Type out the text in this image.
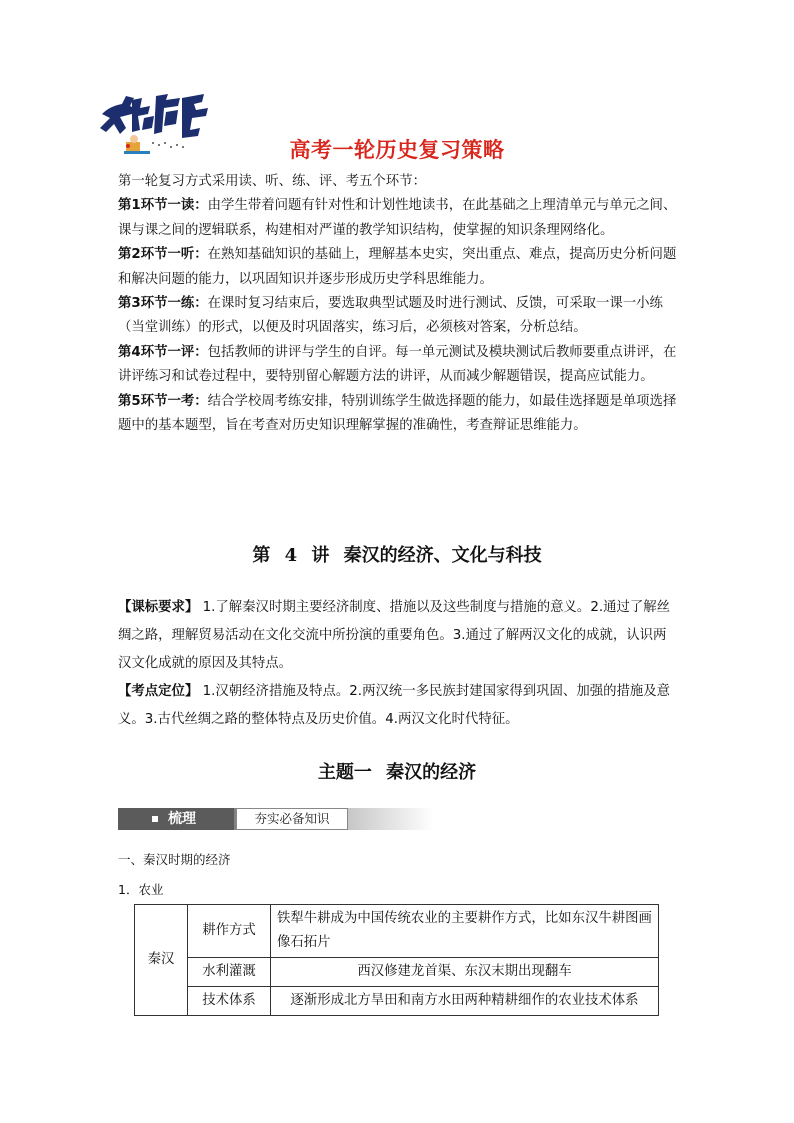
高考一轮历史复习策略

第一轮复习方式采用读、听、练、评、考五个环节：

第1环节一读：由学生带着问题有针对性和计划性地读书，在此基础之上理清单元与单元之间、课与课之间的逻辑联系，构建相对严谨的教学知识结构，使掌握的知识条理网络化。

第2环节一听：在熟知基础知识的基础上，理解基本史实，突出重点、难点，提高历史分析问题和解决问题的能力，以巩固知识并逐步形成历史学科思维能力。

第3环节一练：在课时复习结束后，要选取典型试题及时进行测试、反馈，可采取一课一小练（当堂训练）的形式，以便及时巩固落实，练习后，必须核对答案，分析总结。

第4环节一评：包括教师的讲评与学生的自评。每一单元测试及模块测试后教师要重点讲评，在讲评练习和试卷过程中，要特别留心解题方法的讲评，从而减少解题错误，提高应试能力。

第5环节一考：结合学校周考练安排，特别训练学生做选择题的能力，如最佳选择题是单项选择题中的基本题型，旨在考查对历史知识理解掌握的准确性，考查辩证思维能力。

第 4 讲 秦汉的经济、文化与科技

【课标要求】 1.了解秦汉时期主要经济制度、措施以及这些制度与措施的意义。2.通过了解丝绸之路，理解贸易活动在文化交流中所扮演的重要角色。3.通过了解两汉文化的成就，认识两汉文化成就的原因及其特点。

【考点定位】 1.汉朝经济措施及特点。2.两汉统一多民族封建国家得到巩固、加强的措施及意义。3.古代丝绸之路的整体特点及历史价值。4.两汉文化时代特征。

主题一 秦汉的经济
梳理	夯实必备知识
一、秦汉时期的经济
1．农业
秦汉	耕作方式	铁犁牛耕成为中国传统农业的主要耕作方式，比如东汉牛耕图画像石拓片
	水利灌溉	西汉修建龙首渠、东汉末期出现翻车
	技术体系	逐渐形成北方旱田和南方水田两种精耕细作的农业技术体系
